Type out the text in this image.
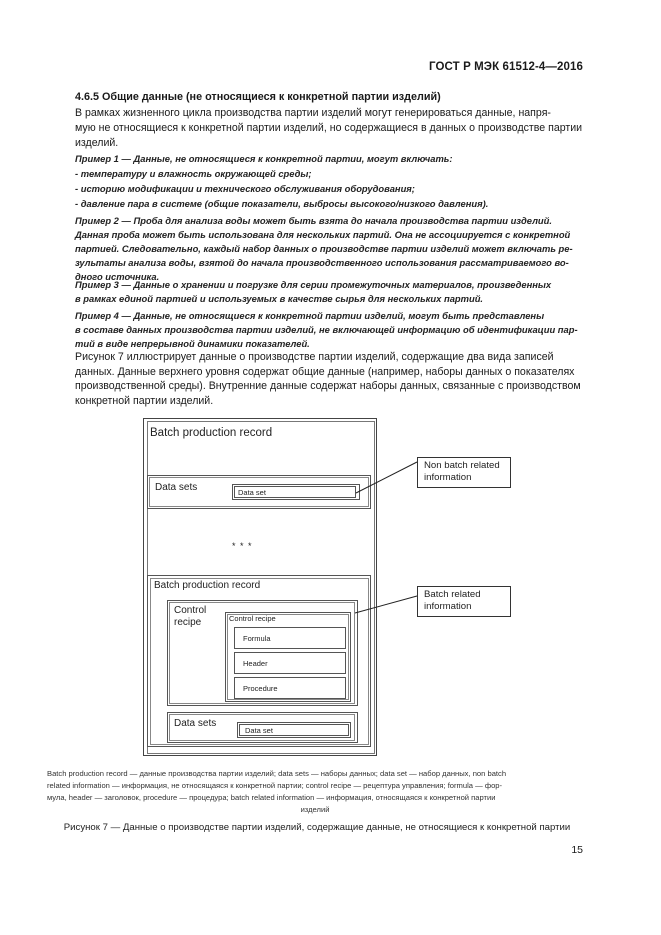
ГОСТ Р МЭК 61512-4—2016
4.6.5 Общие данные (не относящиеся к конкретной партии изделий)
В рамках жизненного цикла производства партии изделий могут генерироваться данные, напря-
мую не относящиеся к конкретной партии изделий, но содержащиеся в данных о производстве партии
изделий.
Пример 1 — Данные, не относящиеся к конкретной партии, могут включать:
- температуру и влажность окружающей среды;
- историю модификации и технического обслуживания оборудования;
- давление пара в системе (общие показатели, выбросы высокого/низкого давления).
Пример 2 — Проба для анализа воды может быть взята до начала производства партии изделий.
Данная проба может быть использована для нескольких партий. Она не ассоциируется с конкретной
партией. Следовательно, каждый набор данных о производстве партии изделий может включать ре-
зультаты анализа воды, взятой до начала производственного использования рассматриваемого во-
дного источника.
Пример 3 — Данные о хранении и погрузке для серии промежуточных материалов, произведенных
в рамках единой партией и используемых в качестве сырья для нескольких партий.
Пример 4 — Данные, не относящиеся к конкретной партии изделий, могут быть представлены
в составе данных производства партии изделий, не включающей информацию об идентификации пар-
тий в виде непрерывной динамики показателей.
Рисунок 7 иллюстрирует данные о производстве партии изделий, содержащие два вида записей
данных. Данные верхнего уровня содержат общие данные (например, наборы данных о показателях
производственной среды). Внутренние данные содержат наборы данных, связанные с производством
конкретной партии изделий.
Batch production record
Data sets	Data set
* * *
Batch production record
Control
recipe	Control recipe
Formula
Header
Procedure
Data sets
Data set
Non batch related
information
Batch related
information
Batch production record — данные производства партии изделий; data sets — наборы данных; data set — набор данных, non batch
related information — информация, не относящаяся к конкретной партии; control recipe — рецептура управления; formula — фор-
мула, header — заголовок, procedure — процедура; batch related information — информация, относящаяся к конкретной партии
изделий
Рисунок 7 — Данные о производстве партии изделий, содержащие данные, не относящиеся к конкретной партии
15
